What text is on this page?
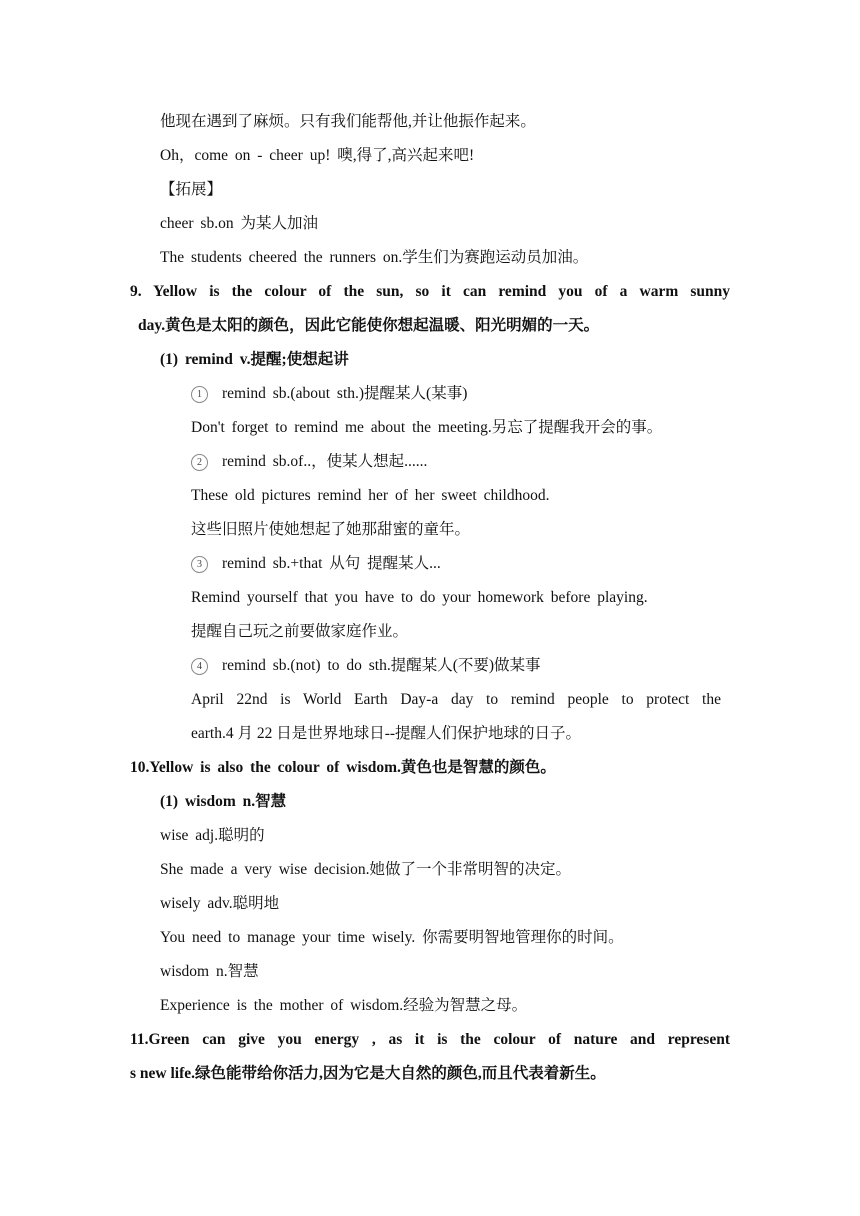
他现在遇到了麻烦。只有我们能帮他,并让他振作起来。
Oh，come on - cheer up! 噢,得了,高兴起来吧!
【拓展】
cheer sb.on 为某人加油
The students cheered the runners on.学生们为赛跑运动员加油。
9. Yellow is the colour of the sun, so it can remind you of a warm sunny
day.黄色是太阳的颜色，因此它能使你想起温暖、阳光明媚的一天。
(1) remind v.提醒;使想起讲
1 remind sb.(about sth.)提醒某人(某事)
Don't forget to remind me about the meeting.另忘了提醒我开会的事。
2 remind sb.of..，使某人想起......
These old pictures remind her of her sweet childhood.
这些旧照片使她想起了她那甜蜜的童年。
3 remind sb.+that 从句 提醒某人...
Remind yourself that you have to do your homework before playing.
提醒自己玩之前要做家庭作业。
4 remind sb.(not) to do sth.提醒某人(不要)做某事
April 22nd is World Earth Day-a day to remind people to protect the
earth.4 月 22 日是世界地球日--提醒人们保护地球的日子。
10.Yellow is also the colour of wisdom.黄色也是智慧的颜色。
(1) wisdom n.智慧
wise adj.聪明的
She made a very wise decision.她做了一个非常明智的决定。
wisely adv.聪明地
You need to manage your time wisely. 你需要明智地管理你的时间。
wisdom n.智慧
Experience is the mother of wisdom.经验为智慧之母。
11.Green can give you energy , as it is the colour of nature and represent
s new life.绿色能带给你活力,因为它是大自然的颜色,而且代表着新生。
